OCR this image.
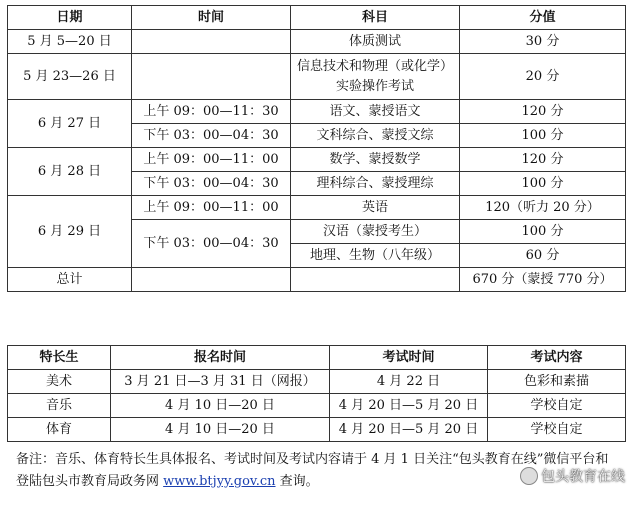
日期	时间	科目	分值
5 月 5—20 日		体质测试	30 分
5 月 23—26 日		信息技术和物理（或化学）实验操作考试	20 分
6 月 27 日	上午 09：00—11：30	语文、蒙授语文	120 分
	下午 03：00—04：30	文科综合、蒙授文综	100 分
6 月 28 日	上午 09：00—11：00	数学、蒙授数学	120 分
	下午 03：00—04：30	理科综合、蒙授理综	100 分
6 月 29 日	上午 09：00—11：00	英语	120（听力 20 分）
	下午 03：00—04：30	汉语（蒙授考生）	100 分
		地理、生物（八年级）	60 分
总计			670 分（蒙授 770 分）
特长生	报名时间	考试时间	考试内容
美术	3 月 21 日—3 月 31 日（网报）	4 月 22 日	色彩和素描
音乐	4 月 10 日—20 日	4 月 20 日—5 月 20 日	学校自定
体育	4 月 10 日—20 日	4 月 20 日—5 月 20 日	学校自定
备注：音乐、体育特长生具体报名、考试时间及考试内容请于 4 月 1 日关注“包头教育在线”微信平台和登陆包头市教育局政务网 www.btjyy.gov.cn 查询。	包头教育在线
